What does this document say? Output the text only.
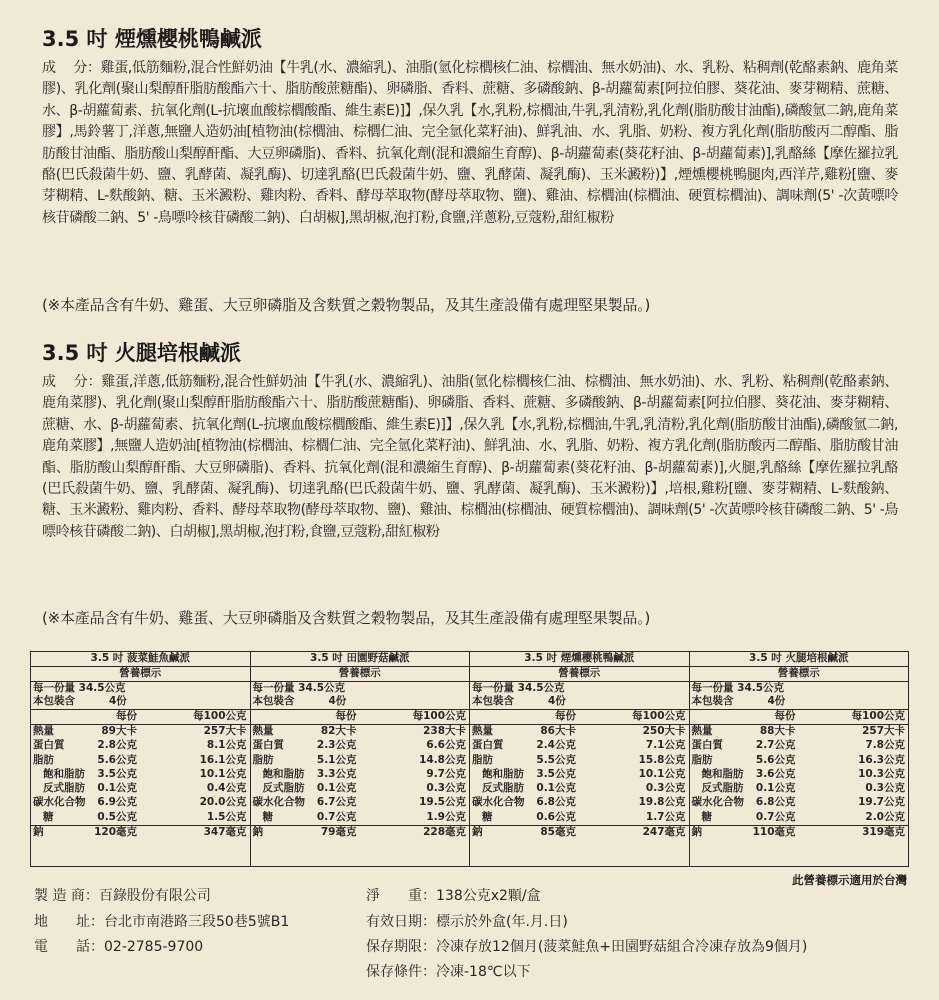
3.5 吋 煙燻櫻桃鴨鹹派

成　 分：雞蛋,低筋麵粉,混合性鮮奶油【牛乳(水、濃縮乳)、油脂(氫化棕櫚核仁油、棕櫚油、無水奶油)、水、乳粉、粘稠劑(乾酪素鈉、鹿角菜膠)、乳化劑(聚山梨醇酐脂肪酸酯六十、脂肪酸蔗糖酯)、卵磷脂、香料、蔗糖、多磷酸鈉、β-胡蘿蔔素[阿拉伯膠、葵花油、麥芽糊精、蔗糖、水、β-胡蘿蔔素、抗氧化劑(L-抗壞血酸棕櫚酸酯、維生素E)]】,保久乳【水,乳粉,棕櫚油,牛乳,乳清粉,乳化劑(脂肪酸甘油酯),磷酸氫二鈉,鹿角菜膠】,馬鈴薯丁,洋蔥,無鹽人造奶油[植物油(棕櫚油、棕櫚仁油、完全氫化菜籽油)、鮮乳油、水、乳脂、奶粉、複方乳化劑(脂肪酸丙二醇酯、脂肪酸甘油酯、脂肪酸山梨醇酐酯、大豆卵磷脂)、香料、抗氧化劑(混和濃縮生育醇)、β-胡蘿蔔素(葵花籽油、β-胡蘿蔔素)],乳酪絲【摩佐羅拉乳酪(巴氏殺菌牛奶、鹽、乳酵菌、凝乳酶)、切達乳酪(巴氏殺菌牛奶、鹽、乳酵菌、凝乳酶)、玉米澱粉)】,煙燻櫻桃鴨腿肉,西洋芹,雞粉[鹽、麥芽糊精、L-麩酸鈉、糖、玉米澱粉、雞肉粉、香料、酵母萃取物(酵母萃取物、鹽)、雞油、棕櫚油(棕櫚油、硬質棕櫚油)、調味劑(5' -次黃嘌呤核苷磷酸二鈉、5' -鳥嘌呤核苷磷酸二鈉)、白胡椒],黑胡椒,泡打粉,食鹽,洋蔥粉,豆蔻粉,甜紅椒粉

(※本產品含有牛奶、雞蛋、大豆卵磷脂及含麩質之穀物製品，及其生產設備有處理堅果製品。)

3.5 吋 火腿培根鹹派

成　 分：雞蛋,洋蔥,低筋麵粉,混合性鮮奶油【牛乳(水、濃縮乳)、油脂(氫化棕櫚核仁油、棕櫚油、無水奶油)、水、乳粉、粘稠劑(乾酪素鈉、鹿角菜膠)、乳化劑(聚山梨醇酐脂肪酸酯六十、脂肪酸蔗糖酯)、卵磷脂、香料、蔗糖、多磷酸鈉、β-胡蘿蔔素[阿拉伯膠、葵花油、麥芽糊精、蔗糖、水、β-胡蘿蔔素、抗氧化劑(L-抗壞血酸棕櫚酸酯、維生素E)]】,保久乳【水,乳粉,棕櫚油,牛乳,乳清粉,乳化劑(脂肪酸甘油酯),磷酸氫二鈉, 鹿角菜膠】,無鹽人造奶油[植物油(棕櫚油、棕櫚仁油、完全氫化菜籽油)、鮮乳油、水、乳脂、奶粉、複方乳化劑(脂肪酸丙二醇酯、脂肪酸甘油酯、脂肪酸山梨醇酐酯、大豆卵磷脂)、香料、抗氧化劑(混和濃縮生育醇)、β-胡蘿蔔素(葵花籽油、β-胡蘿蔔素)],火腿,乳酪絲【摩佐羅拉乳酪(巴氏殺菌牛奶、鹽、乳酵菌、凝乳酶)、切達乳酪(巴氏殺菌牛奶、鹽、乳酵菌、凝乳酶)、玉米澱粉)】,培根,雞粉[鹽、麥芽糊精、L-麩酸鈉、糖、玉米澱粉、雞肉粉、香料、酵母萃取物(酵母萃取物、鹽)、雞油、棕櫚油(棕櫚油、硬質棕櫚油)、調味劑(5' -次黃嘌呤核苷磷酸二鈉、5' -鳥嘌呤核苷磷酸二鈉)、白胡椒],黑胡椒,泡打粉,食鹽,豆蔻粉,甜紅椒粉

(※本產品含有牛奶、雞蛋、大豆卵磷脂及含麩質之穀物製品，及其生產設備有處理堅果製品。)

3.5 吋 菠菜鮭魚鹹派
營養標示
每一份量 34.5公克
本包裝含	4份
每份	每100公克
熱量	89大卡	257大卡
蛋白質	2.8公克	8.1公克
脂肪	5.6公克	16.1公克
飽和脂肪	3.5公克	10.1公克
反式脂肪	0.1公克	0.4公克
碳水化合物	6.9公克	20.0公克
糖	0.5公克	1.5公克
鈉	120毫克	347毫克
3.5 吋 田園野菇鹹派
營養標示
每一份量 34.5公克
本包裝含	4份
每份	每100公克
熱量	82大卡	238大卡
蛋白質	2.3公克	6.6公克
脂肪	5.1公克	14.8公克
飽和脂肪	3.3公克	9.7公克
反式脂肪	0.1公克	0.3公克
碳水化合物	6.7公克	19.5公克
糖	0.7公克	1.9公克
鈉	79毫克	228毫克
3.5 吋 煙燻櫻桃鴨鹹派
營養標示
每一份量 34.5公克
本包裝含	4份
每份	每100公克
熱量	86大卡	250大卡
蛋白質	2.4公克	7.1公克
脂肪	5.5公克	15.8公克
飽和脂肪	3.5公克	10.1公克
反式脂肪	0.1公克	0.3公克
碳水化合物	6.8公克	19.8公克
糖	0.6公克	1.7公克
鈉	85毫克	247毫克
3.5 吋 火腿培根鹹派
營養標示
每一份量 34.5公克
本包裝含	4份
每份	每100公克
熱量	88大卡	257大卡
蛋白質	2.7公克	7.8公克
脂肪	5.6公克	16.3公克
飽和脂肪	3.6公克	10.3公克
反式脂肪	0.1公克	0.3公克
碳水化合物	6.8公克	19.7公克
糖	0.7公克	2.0公克
鈉	110毫克	319毫克
此營養標示適用於台灣
製 造 商：百錄股份有限公司
地　　址：台北市南港路三段50巷5號B1
電　　話：02-2785-9700
淨　　重：138公克x2顆/盒
有效日期：標示於外盒(年.月.日)
保存期限：冷凍存放12個月(菠菜鮭魚+田園野菇組合冷凍存放為9個月)
保存條件：冷凍-18℃以下
